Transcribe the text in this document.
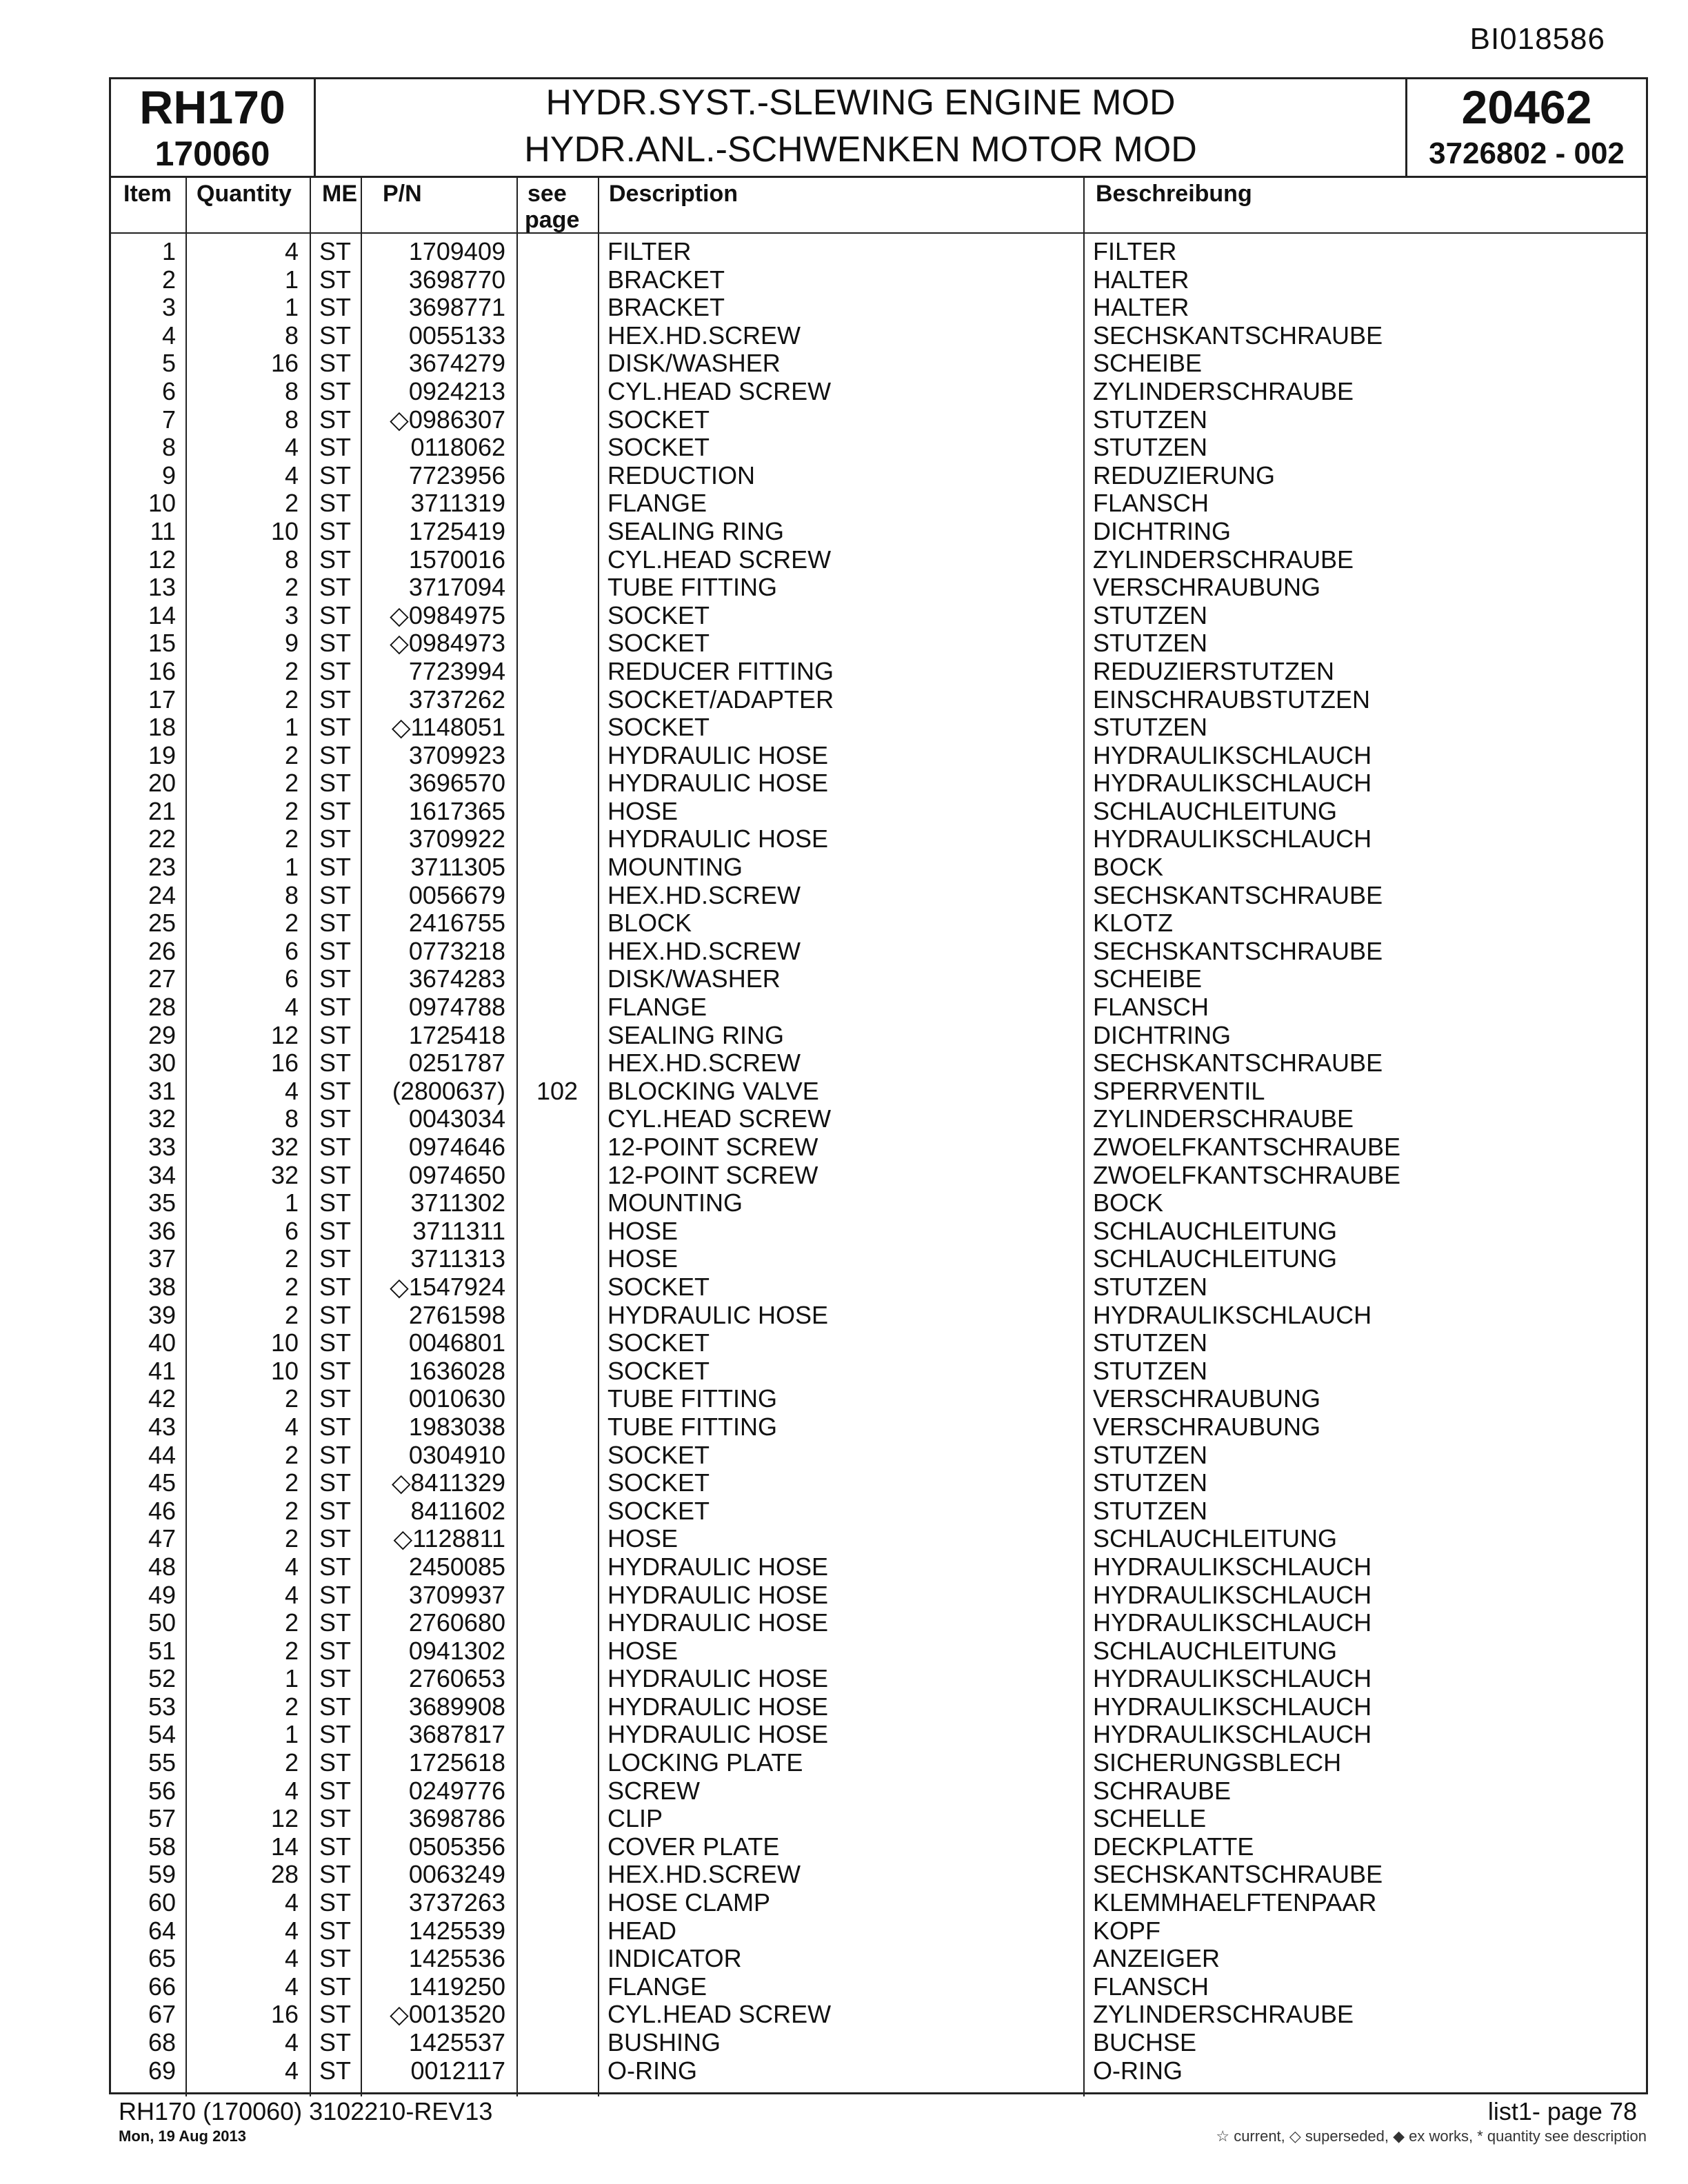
BI018586
RH170
170060
HYDR.SYST.-SLEWING ENGINE MOD
HYDR.ANL.-SCHWENKEN MOTOR MOD
20462
3726802 - 002
Item Quantity ME P/N	see
page
Description	Beschreibung
1	4	ST	1709409		FILTER	FILTER
2	1	ST	3698770		BRACKET	HALTER
3	1	ST	3698771		BRACKET	HALTER
4	8	ST	0055133		HEX.HD.SCREW	SECHSKANTSCHRAUBE
5	16	ST	3674279		DISK/WASHER	SCHEIBE
6	8	ST	0924213		CYL.HEAD SCREW	ZYLINDERSCHRAUBE
7	8	ST	◇0986307		SOCKET	STUTZEN
8	4	ST	0118062		SOCKET	STUTZEN
9	4	ST	7723956		REDUCTION	REDUZIERUNG
10	2	ST	3711319		FLANGE	FLANSCH
11	10	ST	1725419		SEALING RING	DICHTRING
12	8	ST	1570016		CYL.HEAD SCREW	ZYLINDERSCHRAUBE
13	2	ST	3717094		TUBE FITTING	VERSCHRAUBUNG
14	3	ST	◇0984975		SOCKET	STUTZEN
15	9	ST	◇0984973		SOCKET	STUTZEN
16	2	ST	7723994		REDUCER FITTING	REDUZIERSTUTZEN
17	2	ST	3737262		SOCKET/ADAPTER	EINSCHRAUBSTUTZEN
18	1	ST	◇1148051		SOCKET	STUTZEN
19	2	ST	3709923		HYDRAULIC HOSE	HYDRAULIKSCHLAUCH
20	2	ST	3696570		HYDRAULIC HOSE	HYDRAULIKSCHLAUCH
21	2	ST	1617365		HOSE	SCHLAUCHLEITUNG
22	2	ST	3709922		HYDRAULIC HOSE	HYDRAULIKSCHLAUCH
23	1	ST	3711305		MOUNTING	BOCK
24	8	ST	0056679		HEX.HD.SCREW	SECHSKANTSCHRAUBE
25	2	ST	2416755		BLOCK	KLOTZ
26	6	ST	0773218		HEX.HD.SCREW	SECHSKANTSCHRAUBE
27	6	ST	3674283		DISK/WASHER	SCHEIBE
28	4	ST	0974788		FLANGE	FLANSCH
29	12	ST	1725418		SEALING RING	DICHTRING
30	16	ST	0251787		HEX.HD.SCREW	SECHSKANTSCHRAUBE
31	4	ST	(2800637)	102	BLOCKING VALVE	SPERRVENTIL
32	8	ST	0043034		CYL.HEAD SCREW	ZYLINDERSCHRAUBE
33	32	ST	0974646		12-POINT SCREW	ZWOELFKANTSCHRAUBE
34	32	ST	0974650		12-POINT SCREW	ZWOELFKANTSCHRAUBE
35	1	ST	3711302		MOUNTING	BOCK
36	6	ST	3711311		HOSE	SCHLAUCHLEITUNG
37	2	ST	3711313		HOSE	SCHLAUCHLEITUNG
38	2	ST	◇1547924		SOCKET	STUTZEN
39	2	ST	2761598		HYDRAULIC HOSE	HYDRAULIKSCHLAUCH
40	10	ST	0046801		SOCKET	STUTZEN
41	10	ST	1636028		SOCKET	STUTZEN
42	2	ST	0010630		TUBE FITTING	VERSCHRAUBUNG
43	4	ST	1983038		TUBE FITTING	VERSCHRAUBUNG
44	2	ST	0304910		SOCKET	STUTZEN
45	2	ST	◇8411329		SOCKET	STUTZEN
46	2	ST	8411602		SOCKET	STUTZEN
47	2	ST	◇1128811		HOSE	SCHLAUCHLEITUNG
48	4	ST	2450085		HYDRAULIC HOSE	HYDRAULIKSCHLAUCH
49	4	ST	3709937		HYDRAULIC HOSE	HYDRAULIKSCHLAUCH
50	2	ST	2760680		HYDRAULIC HOSE	HYDRAULIKSCHLAUCH
51	2	ST	0941302		HOSE	SCHLAUCHLEITUNG
52	1	ST	2760653		HYDRAULIC HOSE	HYDRAULIKSCHLAUCH
53	2	ST	3689908		HYDRAULIC HOSE	HYDRAULIKSCHLAUCH
54	1	ST	3687817		HYDRAULIC HOSE	HYDRAULIKSCHLAUCH
55	2	ST	1725618		LOCKING PLATE	SICHERUNGSBLECH
56	4	ST	0249776		SCREW	SCHRAUBE
57	12	ST	3698786		CLIP	SCHELLE
58	14	ST	0505356		COVER PLATE	DECKPLATTE
59	28	ST	0063249		HEX.HD.SCREW	SECHSKANTSCHRAUBE
60	4	ST	3737263		HOSE CLAMP	KLEMMHAELFTENPAAR
64	4	ST	1425539		HEAD	KOPF
65	4	ST	1425536		INDICATOR	ANZEIGER
66	4	ST	1419250		FLANGE	FLANSCH
67	16	ST	◇0013520		CYL.HEAD SCREW	ZYLINDERSCHRAUBE
68	4	ST	1425537		BUSHING	BUCHSE
69	4	ST	0012117		O-RING	O-RING
RH170 (170060) 3102210-REV13
Mon, 19 Aug 2013
list1- page 78
☆ current, ◇ superseded, ◆ ex works, * quantity see description
